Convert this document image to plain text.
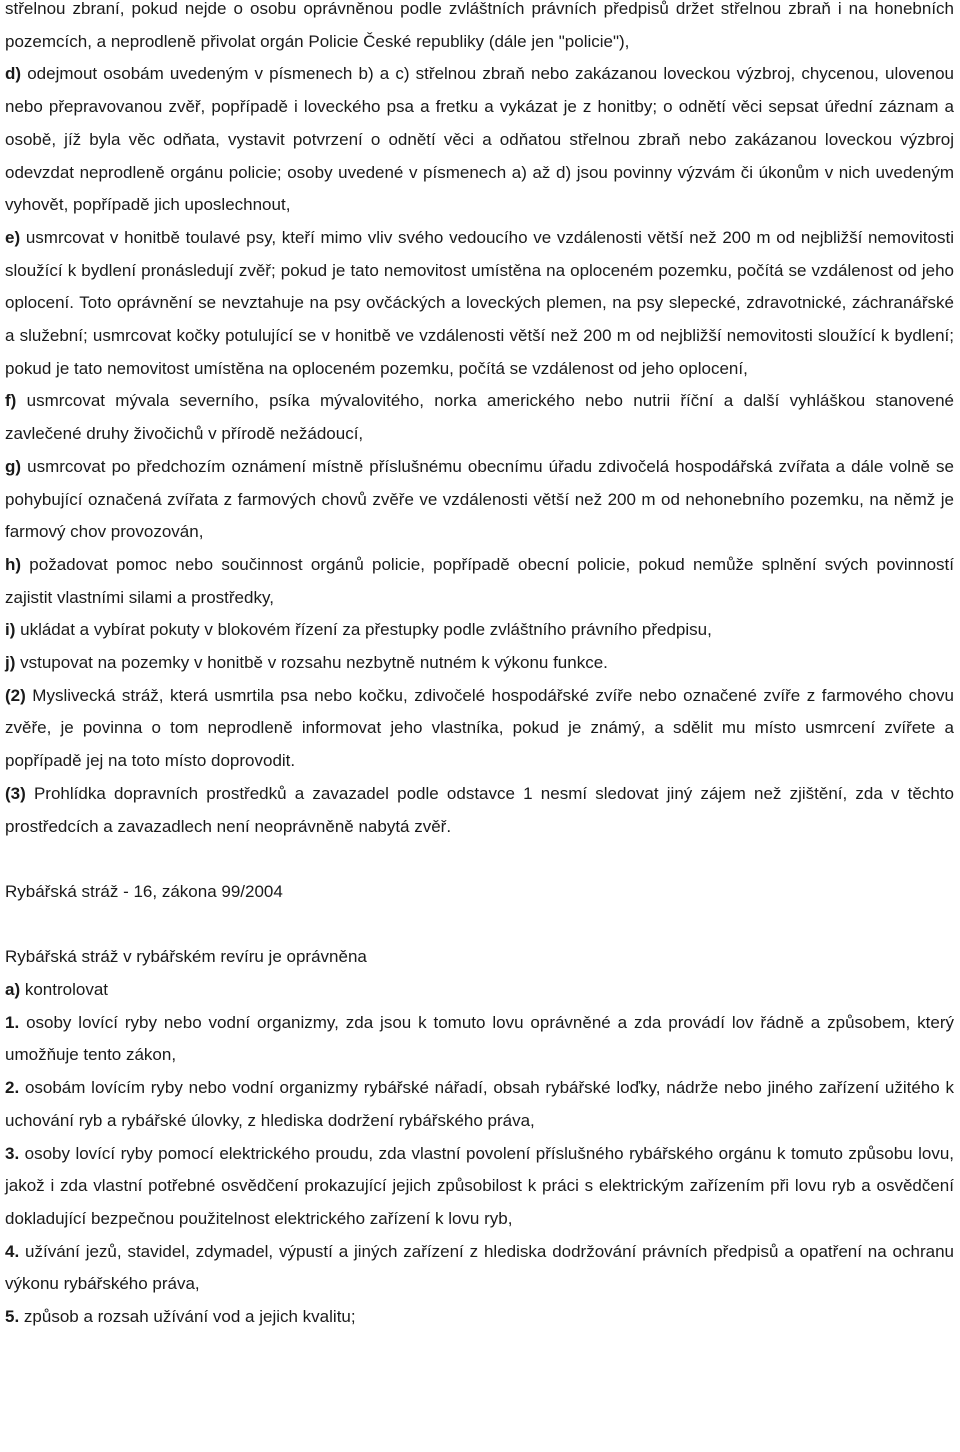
střelnou zbraní, pokud nejde o osobu oprávněnou podle zvláštních právních předpisů držet střelnou zbraň i na honebních pozemcích, a neprodleně přivolat orgán Policie České republiky (dále jen "policie"),

d) odejmout osobám uvedeným v písmenech b) a c) střelnou zbraň nebo zakázanou loveckou výzbroj, chycenou, ulovenou nebo přepravovanou zvěř, popřípadě i loveckého psa a fretku a vykázat je z honitby; o odnětí věci sepsat úřední záznam a osobě, jíž byla věc odňata, vystavit potvrzení o odnětí věci a odňatou střelnou zbraň nebo zakázanou loveckou výzbroj odevzdat neprodleně orgánu policie; osoby uvedené v písmenech a) až d) jsou povinny výzvám či úkonům v nich uvedeným vyhovět, popřípadě jich uposlechnout,

e) usmrcovat v honitbě toulavé psy, kteří mimo vliv svého vedoucího ve vzdálenosti větší než 200 m od nejbližší nemovitosti sloužící k bydlení pronásledují zvěř; pokud je tato nemovitost umístěna na oploceném pozemku, počítá se vzdálenost od jeho oplocení. Toto oprávnění se nevztahuje na psy ovčáckých a loveckých plemen, na psy slepecké, zdravotnické, záchranářské a služební; usmrcovat kočky potulující se v honitbě ve vzdálenosti větší než 200 m od nejbližší nemovitosti sloužící k bydlení; pokud je tato nemovitost umístěna na oploceném pozemku, počítá se vzdálenost od jeho oplocení,

f) usmrcovat mývala severního, psíka mývalovitého, norka amerického nebo nutrii říční a další vyhláškou stanovené zavlečené druhy živočichů v přírodě nežádoucí,

g) usmrcovat po předchozím oznámení místně příslušnému obecnímu úřadu zdivočelá hospodářská zvířata a dále volně se pohybující označená zvířata z farmových chovů zvěře ve vzdálenosti větší než 200 m od nehonebního pozemku, na němž je farmový chov provozován,

h) požadovat pomoc nebo součinnost orgánů policie, popřípadě obecní policie, pokud nemůže splnění svých povinností zajistit vlastními silami a prostředky,

i) ukládat a vybírat pokuty v blokovém řízení za přestupky podle zvláštního právního předpisu,

j) vstupovat na pozemky v honitbě v rozsahu nezbytně nutném k výkonu funkce.

(2) Myslivecká stráž, která usmrtila psa nebo kočku, zdivočelé hospodářské zvíře nebo označené zvíře z farmového chovu zvěře, je povinna o tom neprodleně informovat jeho vlastníka, pokud je známý, a sdělit mu místo usmrcení zvířete a popřípadě jej na toto místo doprovodit.

(3) Prohlídka dopravních prostředků a zavazadel podle odstavce 1 nesmí sledovat jiný zájem než zjištění, zda v těchto prostředcích a zavazadlech není neoprávněně nabytá zvěř.

Rybářská stráž - 16, zákona 99/2004

Rybářská stráž v rybářském revíru je oprávněna

a) kontrolovat

1. osoby lovící ryby nebo vodní organizmy, zda jsou k tomuto lovu oprávněné a zda provádí lov řádně a způsobem, který umožňuje tento zákon,

2. osobám lovícím ryby nebo vodní organizmy rybářské nářadí, obsah rybářské loďky, nádrže nebo jiného zařízení užitého k uchování ryb a rybářské úlovky, z hlediska dodržení rybářského práva,

3. osoby lovící ryby pomocí elektrického proudu, zda vlastní povolení příslušného rybářského orgánu k tomuto způsobu lovu, jakož i zda vlastní potřebné osvědčení prokazující jejich způsobilost k práci s elektrickým zařízením při lovu ryb a osvědčení dokladující bezpečnou použitelnost elektrického zařízení k lovu ryb,

4. užívání jezů, stavidel, zdymadel, výpustí a jiných zařízení z hlediska dodržování právních předpisů a opatření na ochranu výkonu rybářského práva,

5. způsob a rozsah užívání vod a jejich kvalitu;
